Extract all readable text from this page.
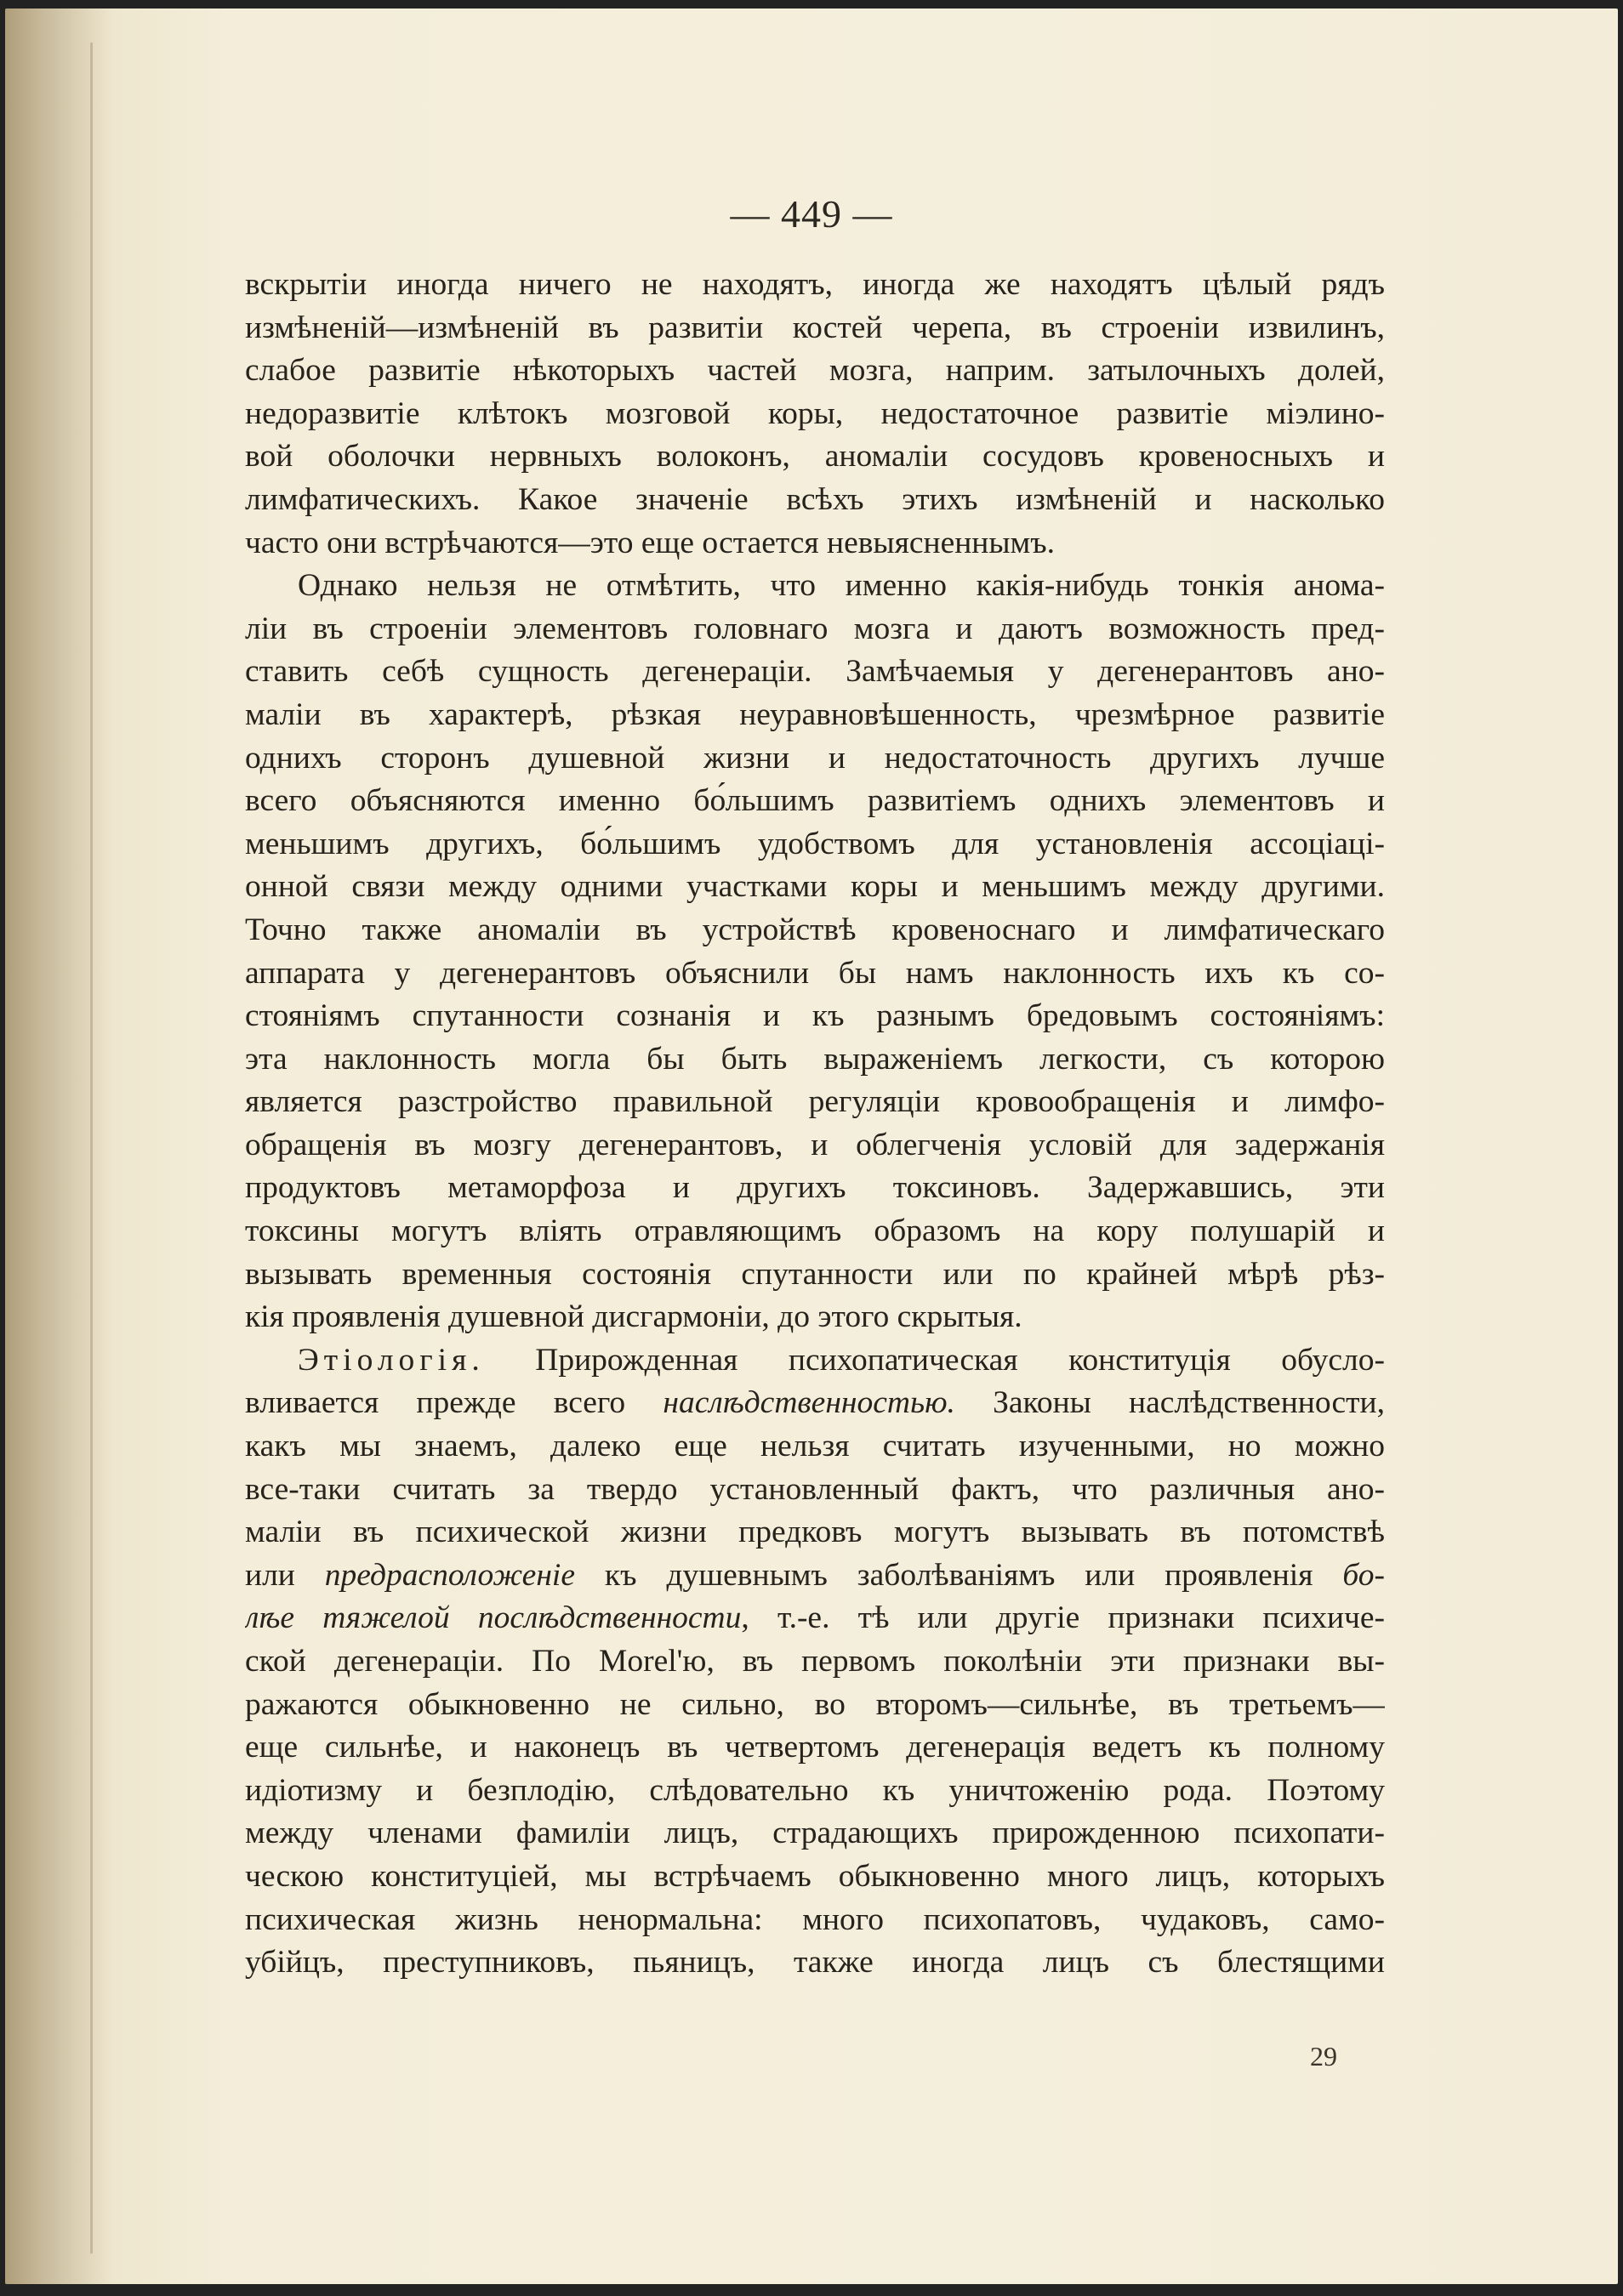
— 449 —

вскрытіи иногда ничего не находятъ, иногда же находятъ цѣлый рядъ
измѣненій—измѣненій въ развитіи костей черепа, въ строеніи извилинъ,
слабое развитіе нѣкоторыхъ частей мозга, наприм. затылочныхъ долей,
недоразвитіе клѣтокъ мозговой коры, недостаточное развитіе міэлино-
вой оболочки нервныхъ волоконъ, аномаліи сосудовъ кровеносныхъ и
лимфатическихъ. Какое значеніе всѣхъ этихъ измѣненій и насколько
часто они встрѣчаются—это еще остается невыясненнымъ.

Однако нельзя не отмѣтить, что именно какія-нибудь тонкія анома-
ліи въ строеніи элементовъ головнаго мозга и даютъ возможность пред-
ставить себѣ сущность дегенераціи. Замѣчаемыя у дегенерантовъ ано-
маліи въ характерѣ, рѣзкая неуравновѣшенность, чрезмѣрное развитіе
однихъ сторонъ душевной жизни и недостаточность другихъ лучше
всего объясняются именно бо́льшимъ развитіемъ однихъ элементовъ и
меньшимъ другихъ, бо́льшимъ удобствомъ для установленія ассоціаці-
онной связи между одними участками коры и меньшимъ между другими.
Точно также аномаліи въ устройствѣ кровеноснаго и лимфатическаго
аппарата у дегенерантовъ объяснили бы намъ наклонность ихъ къ со-
стояніямъ спутанности сознанія и къ разнымъ бредовымъ состояніямъ:
эта наклонность могла бы быть выраженіемъ легкости, съ которою
является разстройство правильной регуляціи кровообращенія и лимфо-
обращенія въ мозгу дегенерантовъ, и облегченія условій для задержанія
продуктовъ метаморфоза и другихъ токсиновъ. Задержавшись, эти
токсины могутъ вліять отравляющимъ образомъ на кору полушарій и
вызывать временныя состоянія спутанности или по крайней мѣрѣ рѣз-
кія проявленія душевной дисгармоніи, до этого скрытыя.

Этіологія. Прирожденная психопатическая конституція обусло-
вливается прежде всего наслѣдственностью. Законы наслѣдственности,
какъ мы знаемъ, далеко еще нельзя считать изученными, но можно
все-таки считать за твердо установленный фактъ, что различныя ано-
маліи въ психической жизни предковъ могутъ вызывать въ потомствѣ
или предрасположеніе къ душевнымъ заболѣваніямъ или проявленія бо-
лѣе тяжелой послѣдственности, т.-е. тѣ или другіе признаки психиче-
ской дегенераціи. По Morel'ю, въ первомъ поколѣніи эти признаки вы-
ражаются обыкновенно не сильно, во второмъ—сильнѣе, въ третьемъ—
еще сильнѣе, и наконецъ въ четвертомъ дегенерація ведетъ къ полному
идіотизму и безплодію, слѣдовательно къ уничтоженію рода. Поэтому
между членами фамиліи лицъ, страдающихъ прирожденною психопати-
ческою конституціей, мы встрѣчаемъ обыкновенно много лицъ, которыхъ
психическая жизнь ненормальна: много психопатовъ, чудаковъ, само-
убійцъ, преступниковъ, пьяницъ, также иногда лицъ съ блестящими

29
